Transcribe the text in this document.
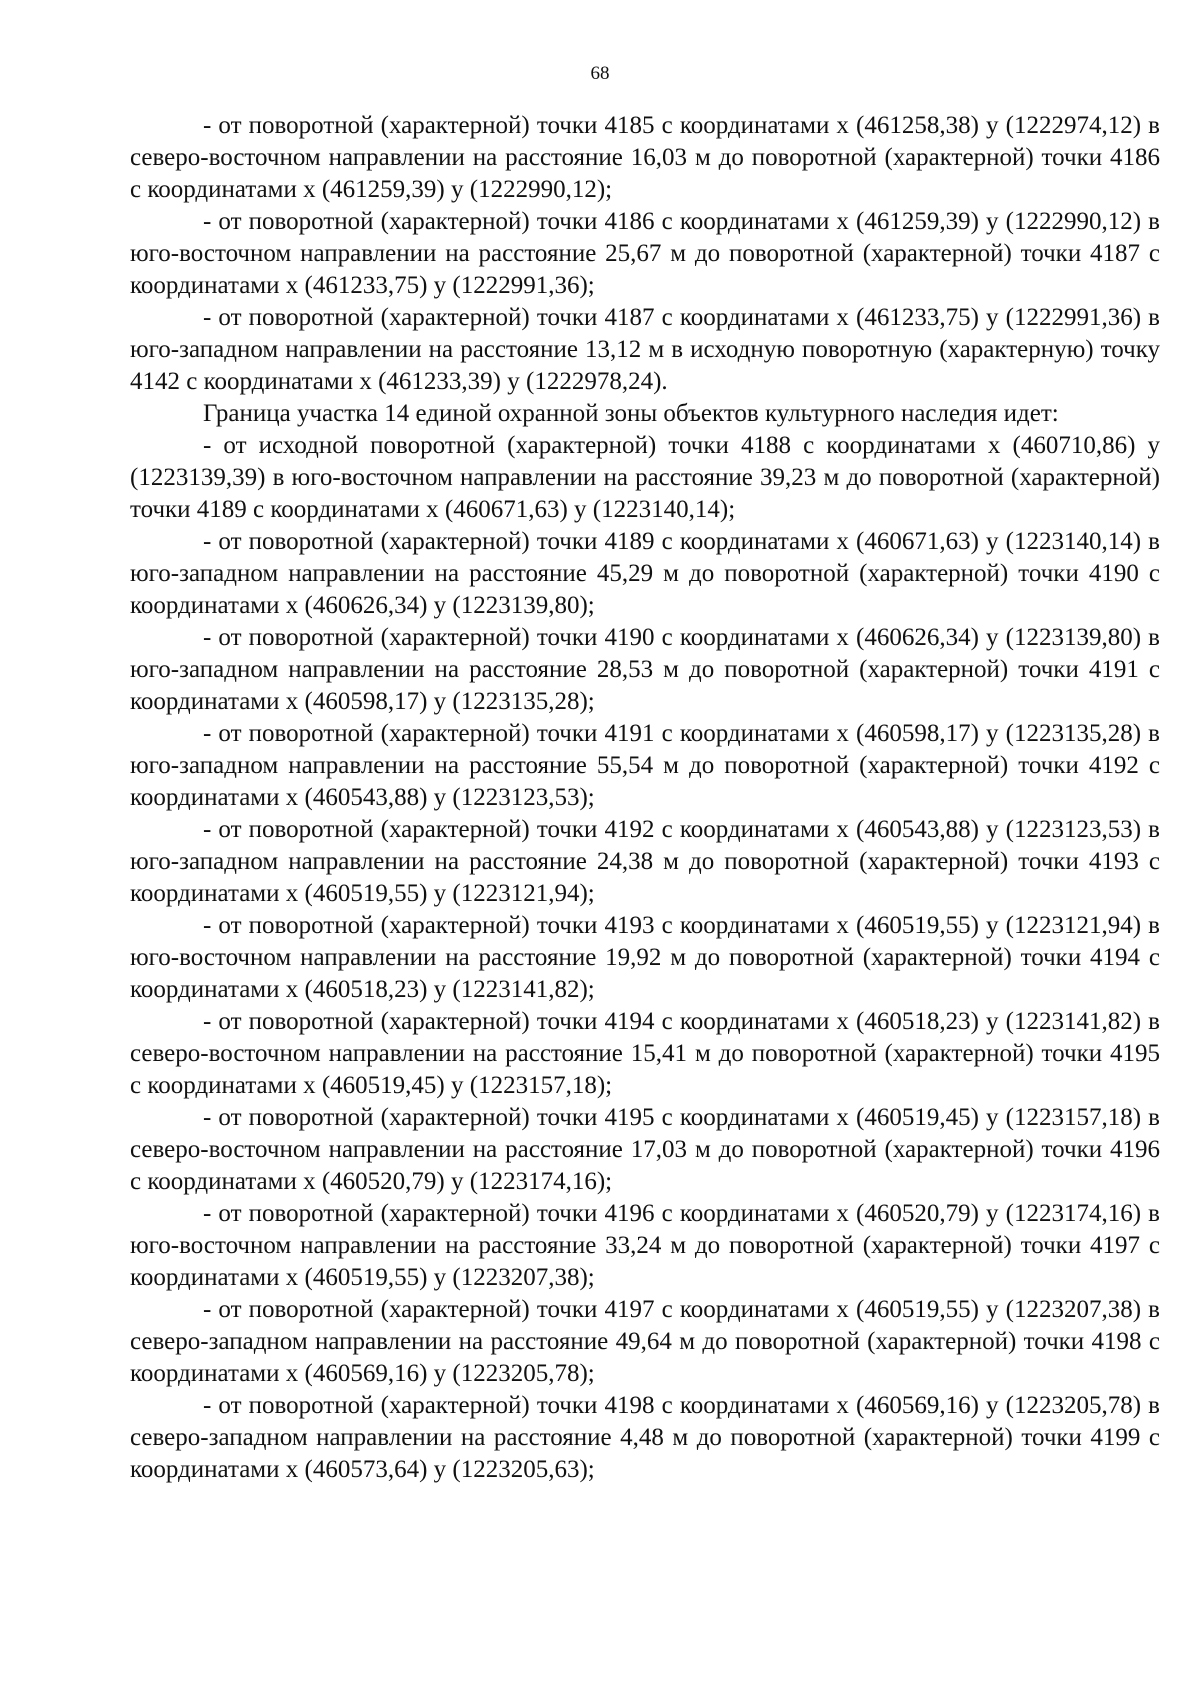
68

- от поворотной (характерной) точки 4185 с координатами х (461258,38) у (1222974,12) в северо-восточном направлении на расстояние 16,03 м до поворотной (характерной) точки 4186 с координатами х (461259,39) у (1222990,12);

- от поворотной (характерной) точки 4186 с координатами х (461259,39) у (1222990,12) в юго-восточном направлении на расстояние 25,67 м до поворотной (характерной) точки 4187 с координатами х (461233,75) у (1222991,36);

- от поворотной (характерной) точки 4187 с координатами х (461233,75) у (1222991,36) в юго-западном направлении на расстояние 13,12 м в исходную поворотную (характерную) точку 4142 с координатами х (461233,39) у (1222978,24).

Граница участка 14 единой охранной зоны объектов культурного наследия идет:

- от исходной поворотной (характерной) точки 4188 с координатами х (460710,86) у (1223139,39) в юго-восточном направлении на расстояние 39,23 м до поворотной (характерной) точки 4189 с координатами х (460671,63) у (1223140,14);

- от поворотной (характерной) точки 4189 с координатами х (460671,63) у (1223140,14) в юго-западном направлении на расстояние 45,29 м до поворотной (характерной) точки 4190 с координатами х (460626,34) у (1223139,80);

- от поворотной (характерной) точки 4190 с координатами х (460626,34) у (1223139,80) в юго-западном направлении на расстояние 28,53 м до поворотной (характерной) точки 4191 с координатами х (460598,17) у (1223135,28);

- от поворотной (характерной) точки 4191 с координатами х (460598,17) у (1223135,28) в юго-западном направлении на расстояние 55,54 м до поворотной (характерной) точки 4192 с координатами х (460543,88) у (1223123,53);

- от поворотной (характерной) точки 4192 с координатами х (460543,88) у (1223123,53) в юго-западном направлении на расстояние 24,38 м до поворотной (характерной) точки 4193 с координатами х (460519,55) у (1223121,94);

- от поворотной (характерной) точки 4193 с координатами х (460519,55) у (1223121,94) в юго-восточном направлении на расстояние 19,92 м до поворотной (характерной) точки 4194 с координатами х (460518,23) у (1223141,82);

- от поворотной (характерной) точки 4194 с координатами х (460518,23) у (1223141,82) в северо-восточном направлении на расстояние 15,41 м до поворотной (характерной) точки 4195 с координатами х (460519,45) у (1223157,18);

- от поворотной (характерной) точки 4195 с координатами х (460519,45) у (1223157,18) в северо-восточном направлении на расстояние 17,03 м до поворотной (характерной) точки 4196 с координатами х (460520,79) у (1223174,16);

- от поворотной (характерной) точки 4196 с координатами х (460520,79) у (1223174,16) в юго-восточном направлении на расстояние 33,24 м до поворотной (характерной) точки 4197 с координатами х (460519,55) у (1223207,38);

- от поворотной (характерной) точки 4197 с координатами х (460519,55) у (1223207,38) в северо-западном направлении на расстояние 49,64 м до поворотной (характерной) точки 4198 с координатами х (460569,16) у (1223205,78);

- от поворотной (характерной) точки 4198 с координатами х (460569,16) у (1223205,78) в северо-западном направлении на расстояние 4,48 м до поворотной (характерной) точки 4199 с координатами х (460573,64) у (1223205,63);
